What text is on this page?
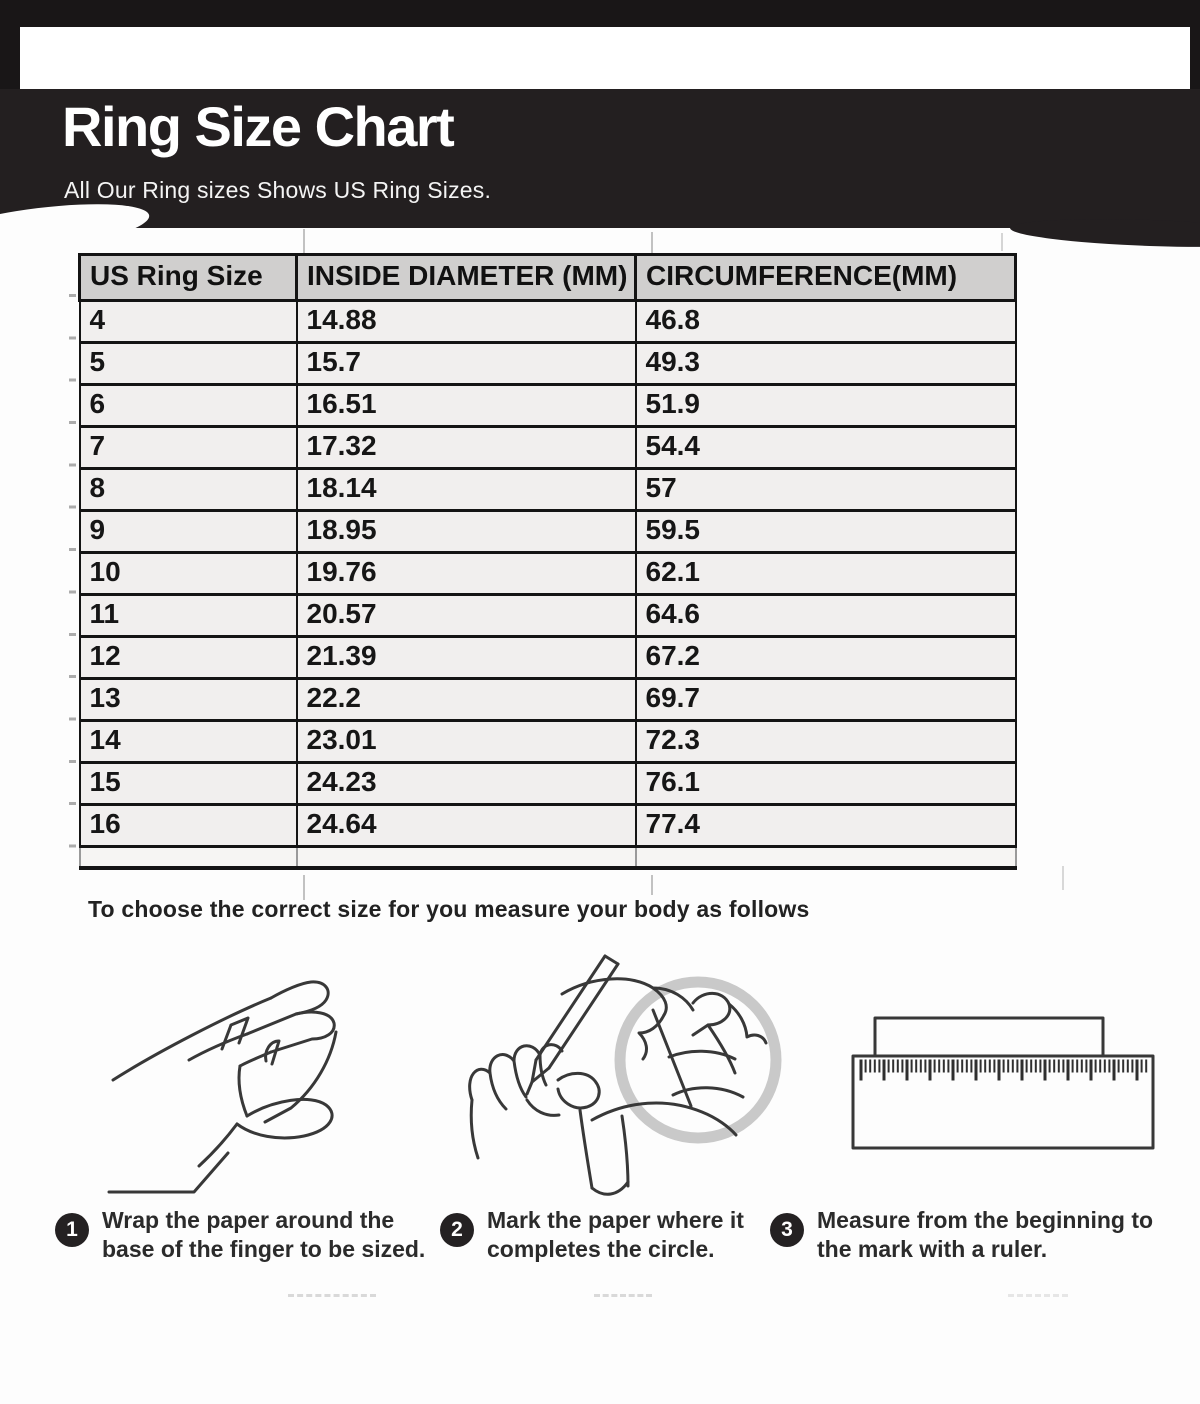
Ring Size Chart
All Our Ring sizes Shows US Ring Sizes.
US Ring Size	INSIDE DIAMETER (MM)	CIRCUMFERENCE(MM)
4	14.88	46.8
5	15.7	49.3
6	16.51	51.9
7	17.32	54.4
8	18.14	57
9	18.95	59.5
10	19.76	62.1
11	20.57	64.6
12	21.39	67.2
13	22.2	69.7
14	23.01	72.3
15	24.23	76.1
16	24.64	77.4

To choose the correct size for you measure your body as follows
1	Wrap the paper around the
base of the finger to be sized.
2	Mark the paper where it
completes the circle.
3	Measure from the beginning to
the mark with a ruler.
